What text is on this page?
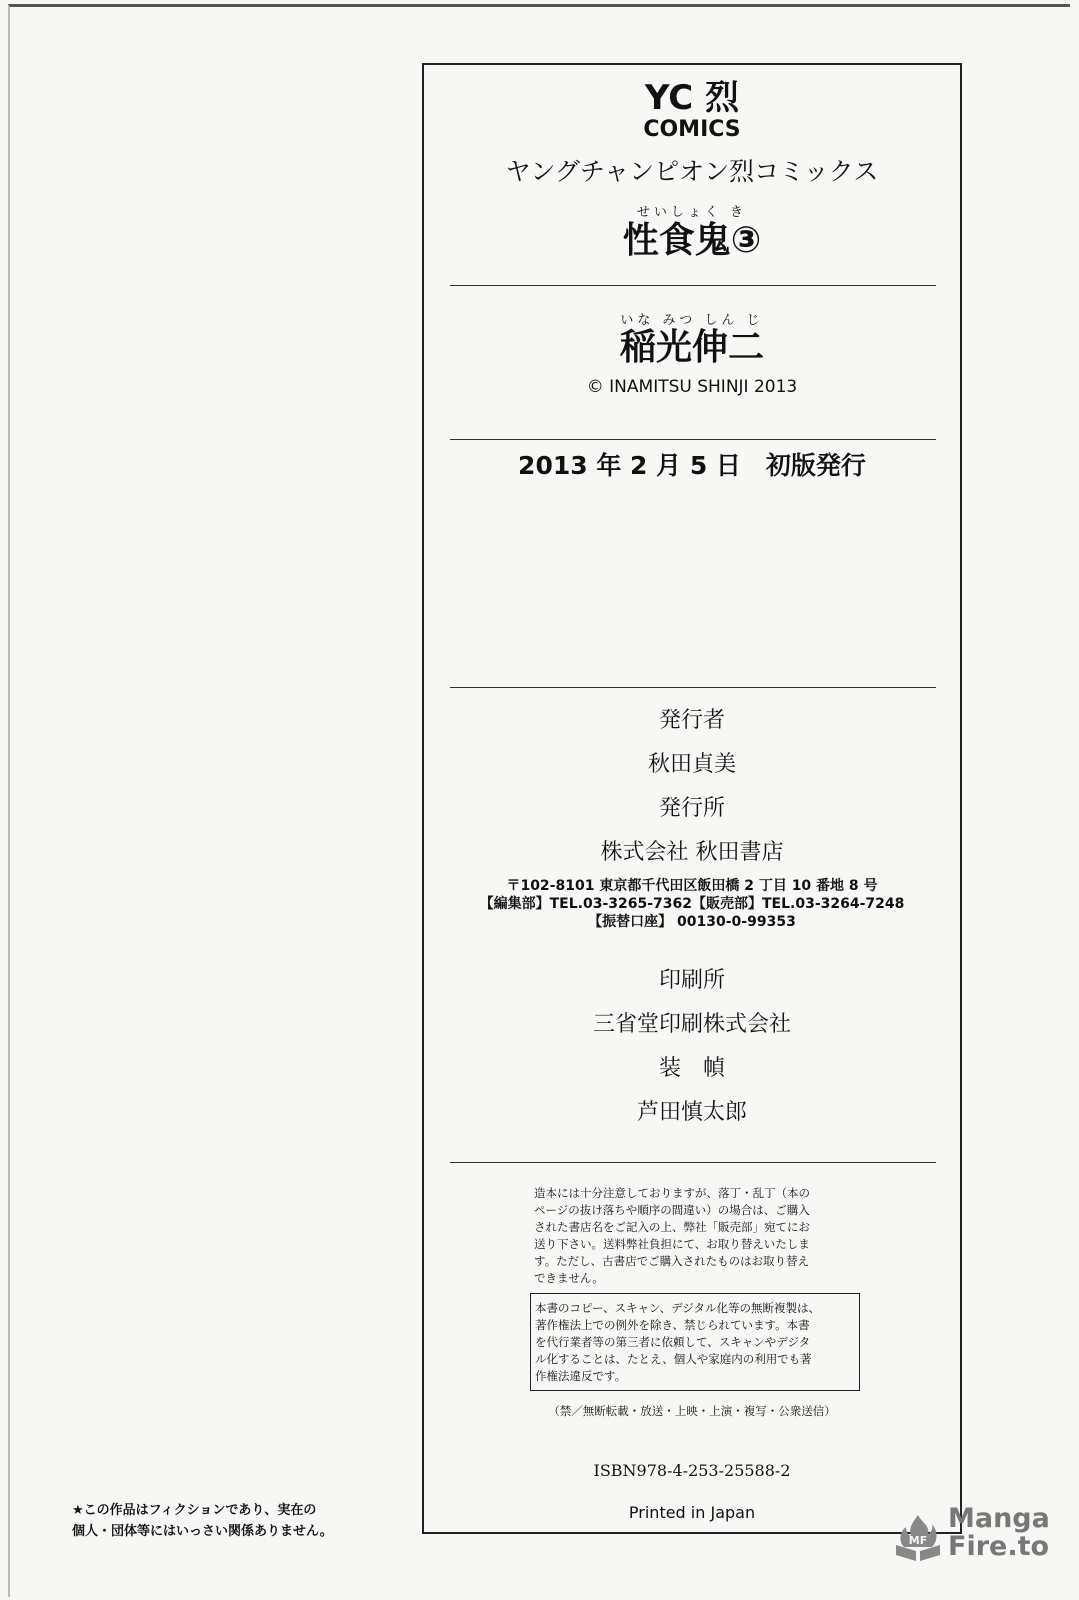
YC 烈
COMICS
ヤングチャンピオン烈コミックス
せいしょく き
性食鬼③
いな みつ しん じ
稲光伸二
© INAMITSU SHINJI 2013
2013 年 2 月 5 日　初版発行
発行者
秋田貞美
発行所
株式会社 秋田書店
〒102-8101 東京都千代田区飯田橋 2 丁目 10 番地 8 号
【編集部】TEL.03-3265-7362【販売部】TEL.03-3264-7248
【振替口座】 00130-0-99353
印刷所
三省堂印刷株式会社
装　幀
芦田慎太郎
造本には十分注意しておりますが、落丁・乱丁（本の
ページの抜け落ちや順序の間違い）の場合は、ご購入
された書店名をご記入の上、弊社「販売部」宛てにお
送り下さい。送料弊社負担にて、お取り替えいたしま
す。ただし、古書店でご購入されたものはお取り替え
できません。
本書のコピー、スキャン、デジタル化等の無断複製は、
著作権法上での例外を除き、禁じられています。本書
を代行業者等の第三者に依頼して、スキャンやデジタ
ル化することは、たとえ、個人や家庭内の利用でも著
作権法違反です。
（禁／無断転載・放送・上映・上演・複写・公衆送信）
ISBN978-4-253-25588-2
Printed in Japan
★この作品はフィクションであり、実在の
個人・団体等にはいっさい関係ありません。
MF
Manga
Fire.to
